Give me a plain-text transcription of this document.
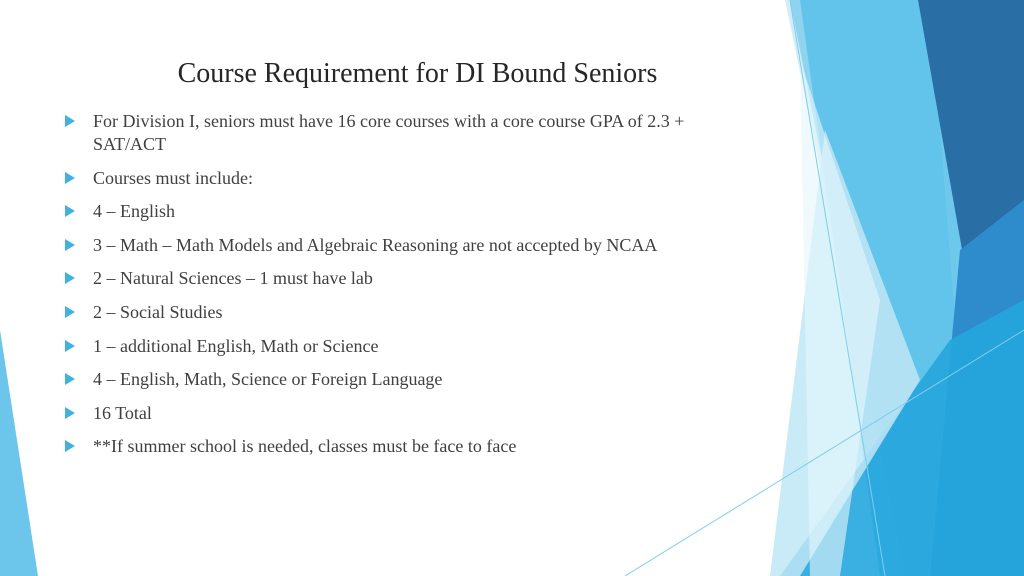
Course Requirement for DI Bound Seniors
For Division I, seniors must have 16 core courses with a core course GPA of 2.3 + SAT/ACT
Courses must include:
4 – English
3 – Math – Math Models and Algebraic Reasoning are not accepted by NCAA
2 – Natural Sciences – 1 must have lab
2 – Social Studies
1 – additional English, Math or Science
4 – English, Math, Science or Foreign Language
16 Total
**If summer school is needed, classes must be face to face
